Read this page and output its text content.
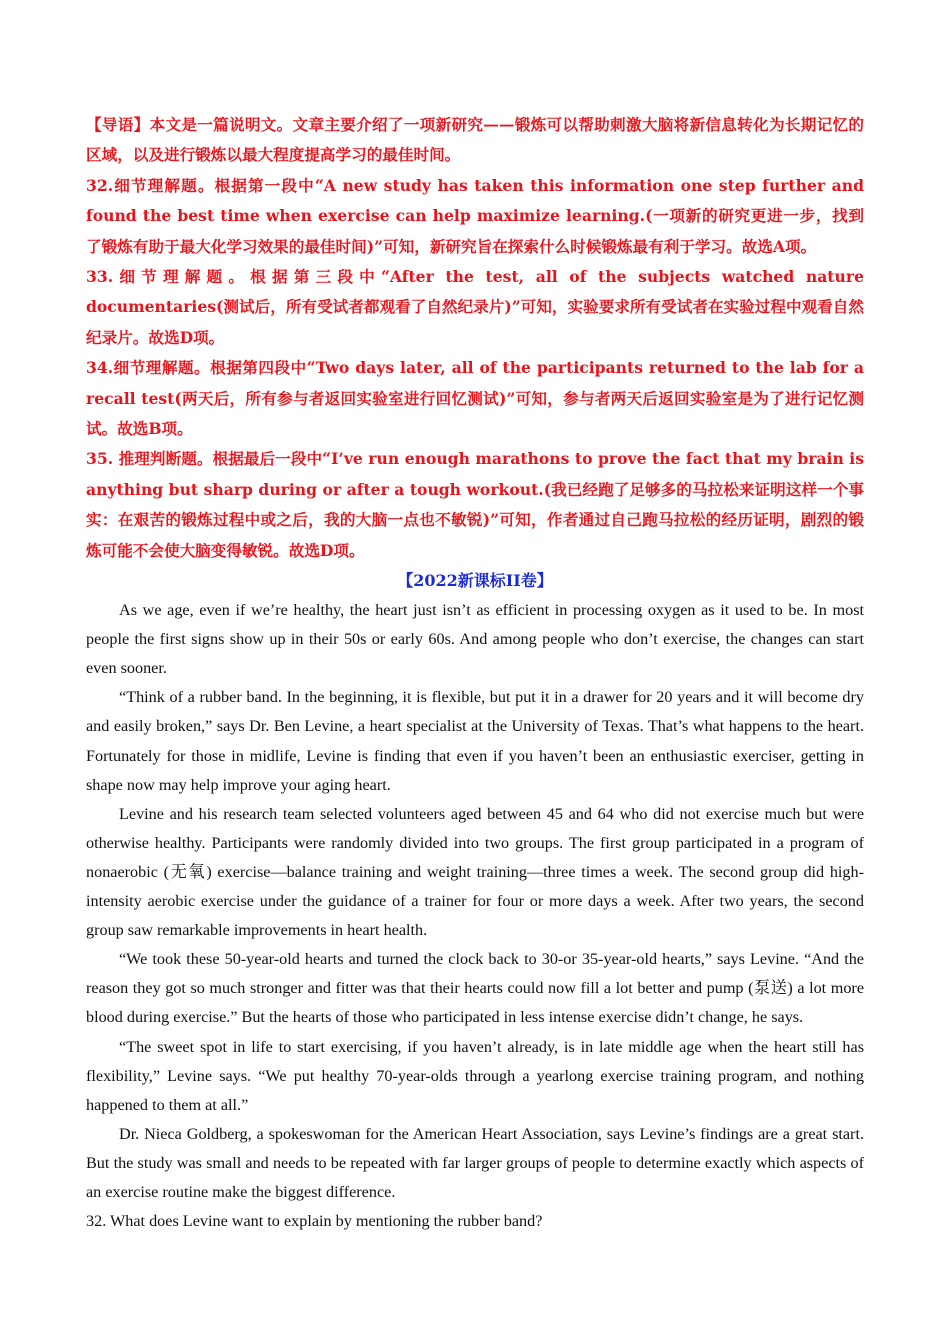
【导语】本文是一篇说明文。文章主要介绍了一项新研究——锻炼可以帮助刺激大脑将新信息转化为长期记忆的区域，以及进行锻炼以最大程度提高学习的最佳时间。

32.细节理解题。根据第一段中“A new study has taken this information one step further and found the best time when exercise can help maximize learning.(一项新的研究更进一步，找到了锻炼有助于最大化学习效果的最佳时间)”可知，新研究旨在探索什么时候锻炼最有利于学习。故选A项。

33.细节理解题。根据第三段中“After the test, all of the subjects watched nature documentaries(测试后，所有受试者都观看了自然纪录片)”可知，实验要求所有受试者在实验过程中观看自然纪录片。故选D项。

34.细节理解题。根据第四段中“Two days later, all of the participants returned to the lab for a recall test(两天后，所有参与者返回实验室进行回忆测试)”可知，参与者两天后返回实验室是为了进行记忆测试。故选B项。

35. 推理判断题。根据最后一段中“I’ve run enough marathons to prove the fact that my brain is anything but sharp during or after a tough workout.(我已经跑了足够多的马拉松来证明这样一个事实：在艰苦的锻炼过程中或之后，我的大脑一点也不敏锐)”可知，作者通过自己跑马拉松的经历证明，剧烈的锻炼可能不会使大脑变得敏锐。故选D项。

【2022新课标II卷】

As we age, even if we’re healthy, the heart just isn’t as efficient in processing oxygen as it used to be. In most people the first signs show up in their 50s or early 60s. And among people who don’t exercise, the changes can start even sooner.

“Think of a rubber band. In the beginning, it is flexible, but put it in a drawer for 20 years and it will become dry and easily broken,” says Dr. Ben Levine, a heart specialist at the University of Texas. That’s what happens to the heart. Fortunately for those in midlife, Levine is finding that even if you haven’t been an enthusiastic exerciser, getting in shape now may help improve your aging heart.

Levine and his research team selected volunteers aged between 45 and 64 who did not exercise much but were otherwise healthy. Participants were randomly divided into two groups. The first group participated in a program of nonaerobic (无氧) exercise—balance training and weight training—three times a week. The second group did high-intensity aerobic exercise under the guidance of a trainer for four or more days a week. After two years, the second group saw remarkable improvements in heart health.

“We took these 50-year-old hearts and turned the clock back to 30-or 35-year-old hearts,” says Levine. “And the reason they got so much stronger and fitter was that their hearts could now fill a lot better and pump (泵送) a lot more blood during exercise.” But the hearts of those who participated in less intense exercise didn’t change, he says.

“The sweet spot in life to start exercising, if you haven’t already, is in late middle age when the heart still has flexibility,” Levine says. “We put healthy 70-year-olds through a yearlong exercise training program, and nothing happened to them at all.”

Dr. Nieca Goldberg, a spokeswoman for the American Heart Association, says Levine’s findings are a great start. But the study was small and needs to be repeated with far larger groups of people to determine exactly which aspects of an exercise routine make the biggest difference.

32. What does Levine want to explain by mentioning the rubber band?
